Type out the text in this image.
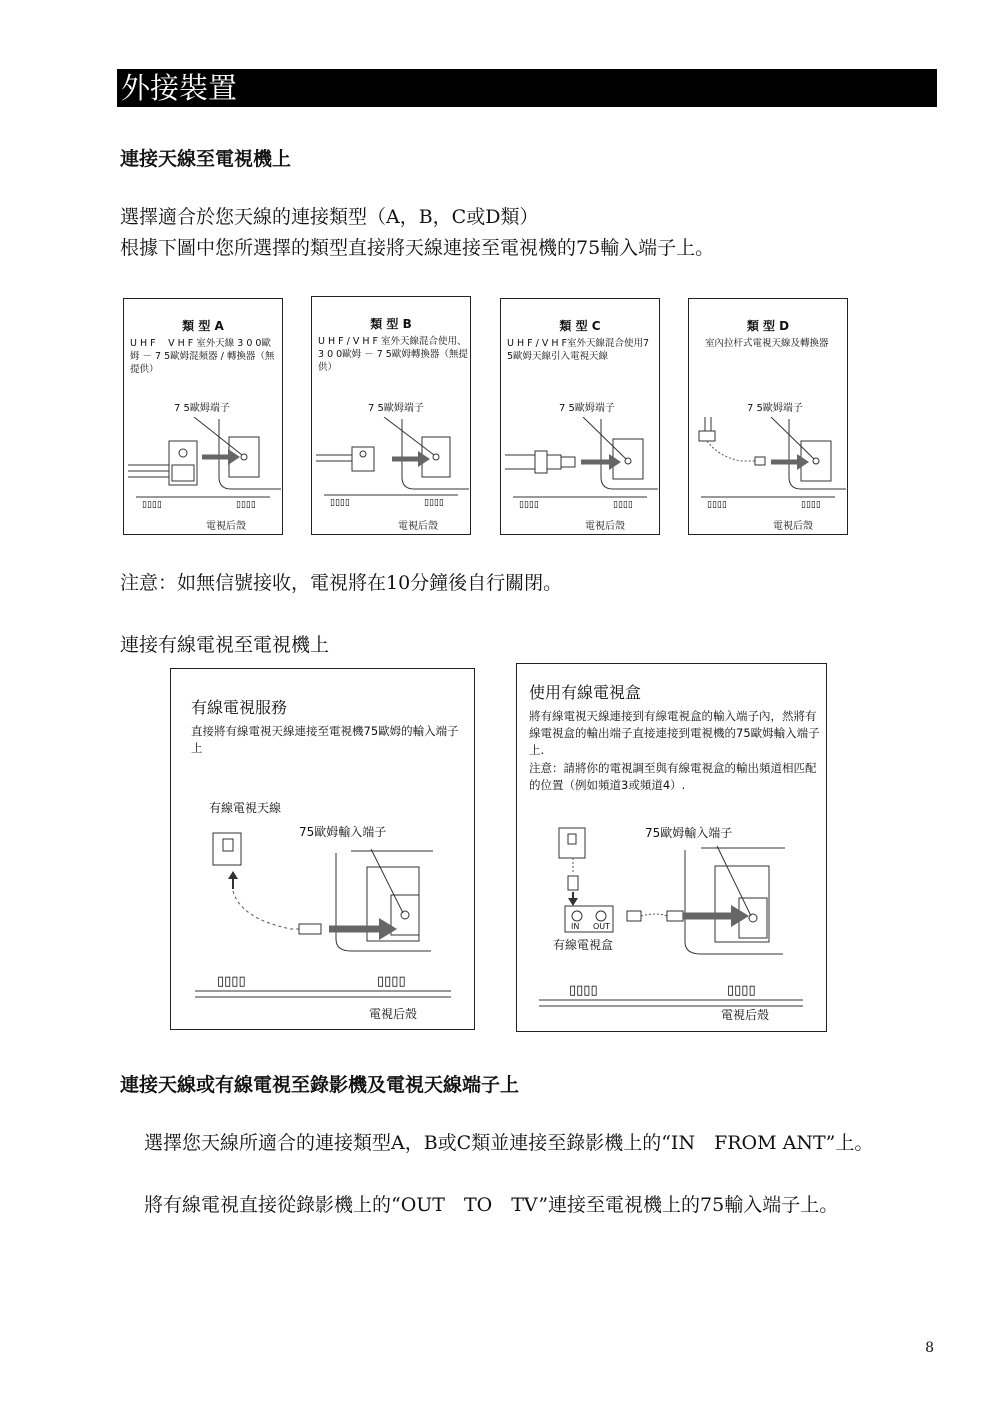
外接裝置
連接天線至電視機上
選擇適合於您天線的連接類型（A，B，C或D類）
根據下圖中您所選擇的類型直接將天線連接至電視機的75輸入端子上。
類 型 A
U H F 　V H F 室外天線 3 0 0歐姆 － 7 5歐姆混頻器 / 轉換器（無提供）
7 5歐姆端子
▯▯▯▯	▯▯▯▯
電視后殼
類 型 B
U H F / V H F 室外天線混合使用、3 0 0歐姆 － 7 5歐姆轉換器（無提供）
7 5歐姆端子
▯▯▯▯	▯▯▯▯
電視后殼
類 型 C
U H F / V H F室外天線混合使用7 5歐姆天線引入電視天線
7 5歐姆端子
▯▯▯▯	▯▯▯▯
電視后殼
類 型 D
室內拉杆式電視天線及轉換器
7 5歐姆端子
▯▯▯▯	▯▯▯▯
電視后殼
注意：如無信號接收，電視將在10分鐘後自行關閉。
連接有線電視至電視機上
有線電視服務
直接將有線電視天線連接至電視機75歐姆的輸入端子上
有線電視天線
75歐姆輸入端子
▯▯▯▯	▯▯▯▯
電視后殼
使用有線電視盒
將有線電視天線連接到有線電視盒的輸入端子內，然將有線電視盒的輸出端子直接連接到電視機的75歐姆輸入端子上.
注意：請將你的電視調至與有線電視盒的輸出頻道相匹配的位置（例如頻道3或頻道4）.
75歐姆輸入端子
▯▯▯▯	▯▯▯▯
IN OUT
有線電視盒
電視后殼
連接天線或有線電視至錄影機及電視天線端子上
選擇您天線所適合的連接類型A，B或C類並連接至錄影機上的“IN　FROM ANT”上。
將有線電視直接從錄影機上的“OUT　TO　TV”連接至電視機上的75輸入端子上。
8
